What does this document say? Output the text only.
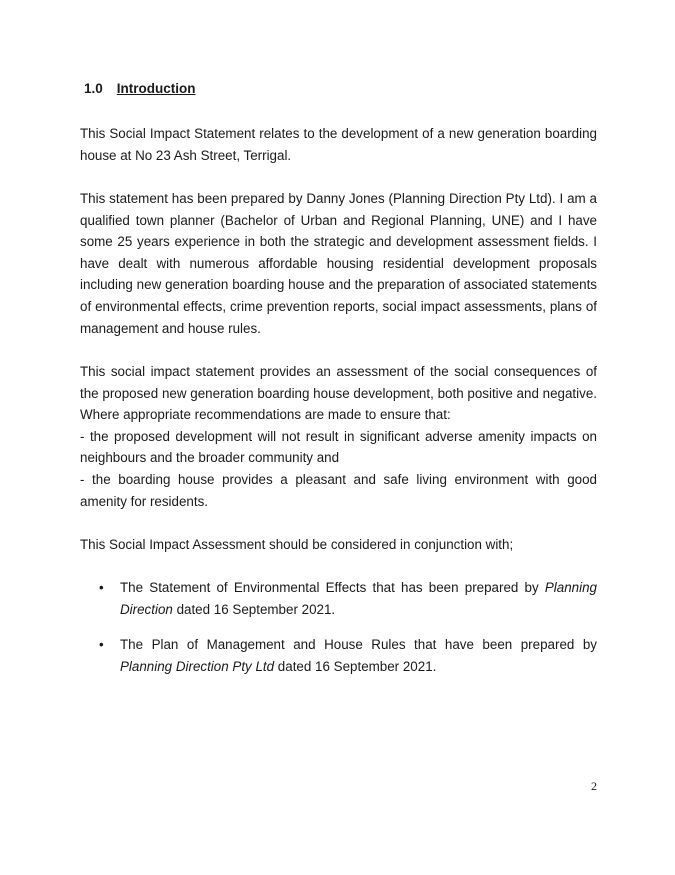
1.0 Introduction

This Social Impact Statement relates to the development of a new generation boarding house at No 23 Ash Street, Terrigal.

This statement has been prepared by Danny Jones (Planning Direction Pty Ltd). I am a qualified town planner (Bachelor of Urban and Regional Planning, UNE) and I have some 25 years experience in both the strategic and development assessment fields. I have dealt with numerous affordable housing residential development proposals including new generation boarding house and the preparation of associated statements of environmental effects, crime prevention reports, social impact assessments, plans of management and house rules.

This social impact statement provides an assessment of the social consequences of the proposed new generation boarding house development, both positive and negative. Where appropriate recommendations are made to ensure that:
- the proposed development will not result in significant adverse amenity impacts on neighbours and the broader community and
- the boarding house provides a pleasant and safe living environment with good amenity for residents.

This Social Impact Assessment should be considered in conjunction with;

• The Statement of Environmental Effects that has been prepared by Planning Direction dated 16 September 2021.
• The Plan of Management and House Rules that have been prepared by Planning Direction Pty Ltd dated 16 September 2021.
2
